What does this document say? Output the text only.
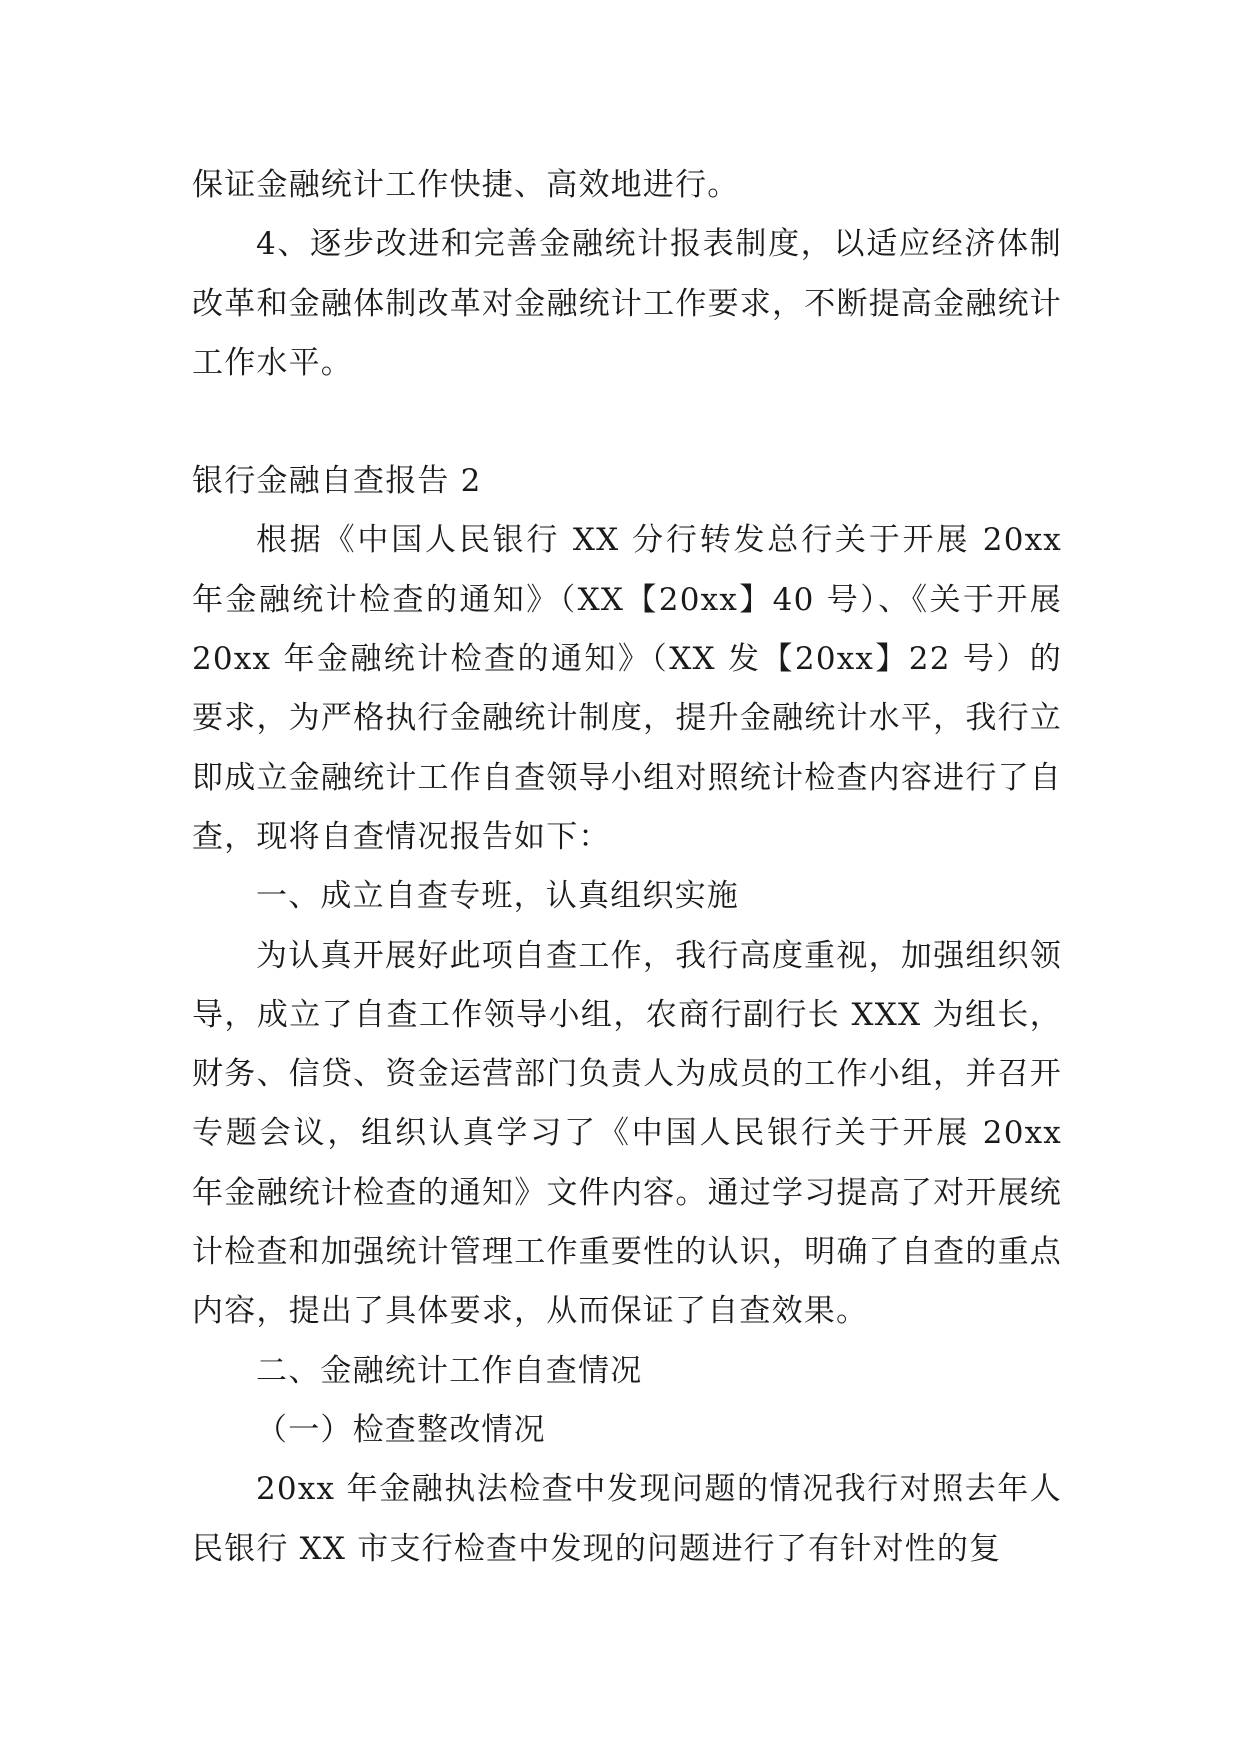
保证金融统计工作快捷、高效地进行。

4、逐步改进和完善金融统计报表制度，以适应经济体制改革和金融体制改革对金融统计工作要求，不断提高金融统计工作水平。

银行金融自查报告 2

根据《中国人民银行 XX 分行转发总行关于开展 20xx 年金融统计检查的通知》（XX【20xx】40 号）、《关于开展 20xx 年金融统计检查的通知》（XX 发【20xx】22 号）的要求，为严格执行金融统计制度，提升金融统计水平，我行立即成立金融统计工作自查领导小组对照统计检查内容进行了自查，现将自查情况报告如下：

一、成立自查专班，认真组织实施

为认真开展好此项自查工作，我行高度重视，加强组织领导，成立了自查工作领导小组，农商行副行长 XXX 为组长，财务、信贷、资金运营部门负责人为成员的工作小组，并召开专题会议，组织认真学习了《中国人民银行关于开展 20xx 年金融统计检查的通知》文件内容。通过学习提高了对开展统计检查和加强统计管理工作重要性的认识，明确了自查的重点内容，提出了具体要求，从而保证了自查效果。

二、金融统计工作自查情况

（一）检查整改情况

20xx 年金融执法检查中发现问题的情况我行对照去年人民银行 XX 市支行检查中发现的问题进行了有针对性的复
